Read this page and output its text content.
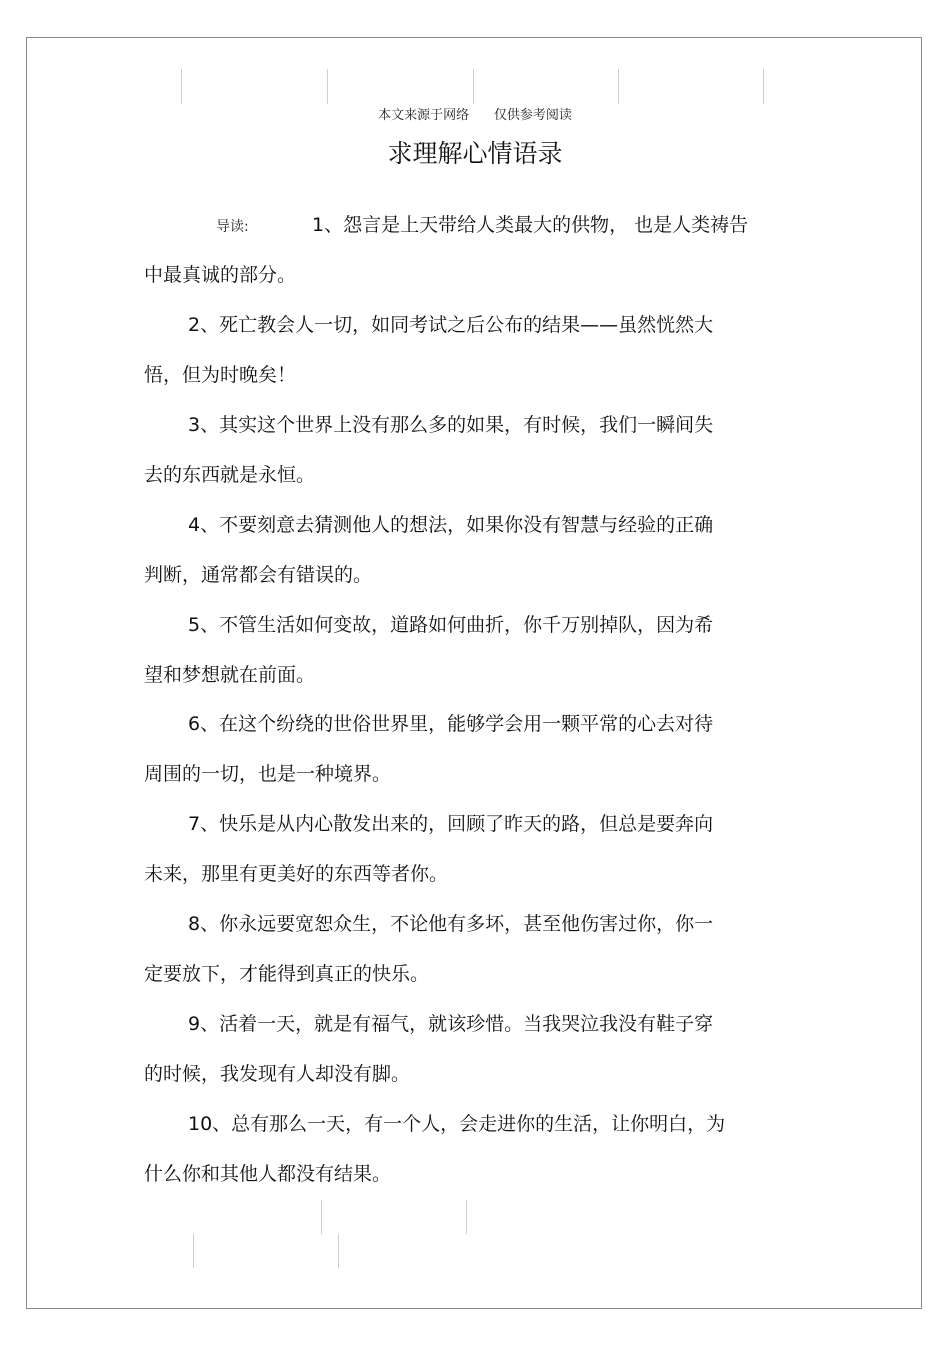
本文来源于网络      仅供参考阅读
求理解心情语录
导读:	1、怨言是上天带给人类最大的供物， 也是人类祷告
中最真诚的部分。
2、死亡教会人一切，如同考试之后公布的结果——虽然恍然大
悟，但为时晚矣！
3、其实这个世界上没有那么多的如果，有时候，我们一瞬间失
去的东西就是永恒。
4、不要刻意去猜测他人的想法，如果你没有智慧与经验的正确
判断，通常都会有错误的。
5、不管生活如何变故，道路如何曲折，你千万别掉队，因为希
望和梦想就在前面。
6、在这个纷绕的世俗世界里，能够学会用一颗平常的心去对待
周围的一切，也是一种境界。
7、快乐是从内心散发出来的，回顾了昨天的路，但总是要奔向
未来，那里有更美好的东西等者你。
8、你永远要宽恕众生，不论他有多坏，甚至他伤害过你，你一
定要放下，才能得到真正的快乐。
9、活着一天，就是有福气，就该珍惜。当我哭泣我没有鞋子穿
的时候，我发现有人却没有脚。
10、总有那么一天，有一个人，会走进你的生活，让你明白，为
什么你和其他人都没有结果。
